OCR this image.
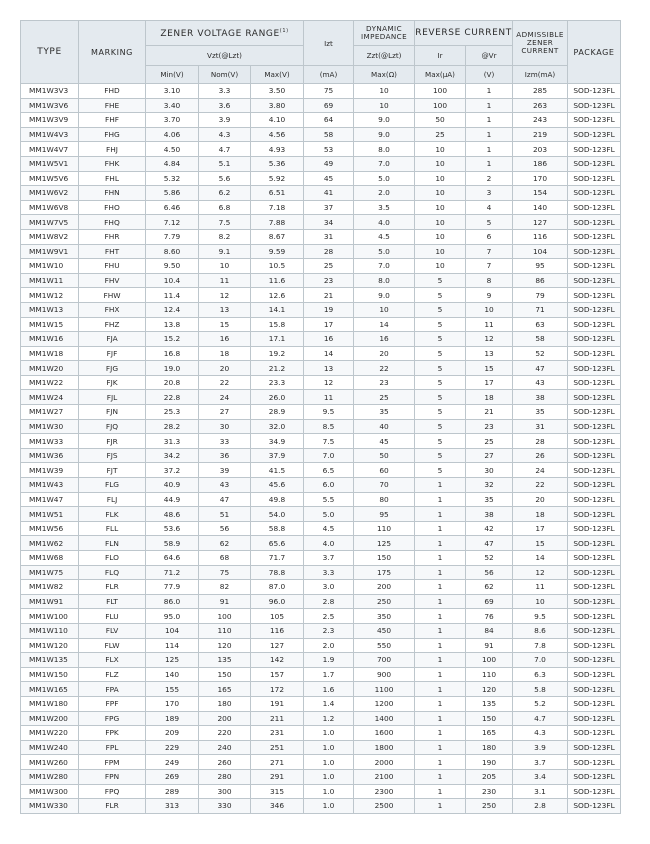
TYPE	MARKING	ZENER VOLTAGE RANGE$^{(1)}$			Izt	DYNAMIC
IMPEDANCE	REVERSE CURRENT		ADMISSIBLE
ZENER
CURRENT	PACKAGE
		Vzt(@Lzt)				Zzt(@Lzt)	Ir	@Vr		
		Min(V)	Nom(V)	Max(V)	(mA)	Max(Ω)	Max(μA)	(V)	Izm(mA)	
MM1W3V3	FHD	3.10	3.3	3.50	75	10	100	1	285	SOD-123FL
MM1W3V6	FHE	3.40	3.6	3.80	69	10	100	1	263	SOD-123FL
MM1W3V9	FHF	3.70	3.9	4.10	64	9.0	50	1	243	SOD-123FL
MM1W4V3	FHG	4.06	4.3	4.56	58	9.0	25	1	219	SOD-123FL
MM1W4V7	FHJ	4.50	4.7	4.93	53	8.0	10	1	203	SOD-123FL
MM1W5V1	FHK	4.84	5.1	5.36	49	7.0	10	1	186	SOD-123FL
MM1W5V6	FHL	5.32	5.6	5.92	45	5.0	10	2	170	SOD-123FL
MM1W6V2	FHN	5.86	6.2	6.51	41	2.0	10	3	154	SOD-123FL
MM1W6V8	FHO	6.46	6.8	7.18	37	3.5	10	4	140	SOD-123FL
MM1W7V5	FHQ	7.12	7.5	7.88	34	4.0	10	5	127	SOD-123FL
MM1W8V2	FHR	7.79	8.2	8.67	31	4.5	10	6	116	SOD-123FL
MM1W9V1	FHT	8.60	9.1	9.59	28	5.0	10	7	104	SOD-123FL
MM1W10	FHU	9.50	10	10.5	25	7.0	10	7	95	SOD-123FL
MM1W11	FHV	10.4	11	11.6	23	8.0	5	8	86	SOD-123FL
MM1W12	FHW	11.4	12	12.6	21	9.0	5	9	79	SOD-123FL
MM1W13	FHX	12.4	13	14.1	19	10	5	10	71	SOD-123FL
MM1W15	FHZ	13.8	15	15.8	17	14	5	11	63	SOD-123FL
MM1W16	FJA	15.2	16	17.1	16	16	5	12	58	SOD-123FL
MM1W18	FJF	16.8	18	19.2	14	20	5	13	52	SOD-123FL
MM1W20	FJG	19.0	20	21.2	13	22	5	15	47	SOD-123FL
MM1W22	FJK	20.8	22	23.3	12	23	5	17	43	SOD-123FL
MM1W24	FJL	22.8	24	26.0	11	25	5	18	38	SOD-123FL
MM1W27	FJN	25.3	27	28.9	9.5	35	5	21	35	SOD-123FL
MM1W30	FJQ	28.2	30	32.0	8.5	40	5	23	31	SOD-123FL
MM1W33	FJR	31.3	33	34.9	7.5	45	5	25	28	SOD-123FL
MM1W36	FJS	34.2	36	37.9	7.0	50	5	27	26	SOD-123FL
MM1W39	FJT	37.2	39	41.5	6.5	60	5	30	24	SOD-123FL
MM1W43	FLG	40.9	43	45.6	6.0	70	1	32	22	SOD-123FL
MM1W47	FLJ	44.9	47	49.8	5.5	80	1	35	20	SOD-123FL
MM1W51	FLK	48.6	51	54.0	5.0	95	1	38	18	SOD-123FL
MM1W56	FLL	53.6	56	58.8	4.5	110	1	42	17	SOD-123FL
MM1W62	FLN	58.9	62	65.6	4.0	125	1	47	15	SOD-123FL
MM1W68	FLO	64.6	68	71.7	3.7	150	1	52	14	SOD-123FL
MM1W75	FLQ	71.2	75	78.8	3.3	175	1	56	12	SOD-123FL
MM1W82	FLR	77.9	82	87.0	3.0	200	1	62	11	SOD-123FL
MM1W91	FLT	86.0	91	96.0	2.8	250	1	69	10	SOD-123FL
MM1W100	FLU	95.0	100	105	2.5	350	1	76	9.5	SOD-123FL
MM1W110	FLV	104	110	116	2.3	450	1	84	8.6	SOD-123FL
MM1W120	FLW	114	120	127	2.0	550	1	91	7.8	SOD-123FL
MM1W135	FLX	125	135	142	1.9	700	1	100	7.0	SOD-123FL
MM1W150	FLZ	140	150	157	1.7	900	1	110	6.3	SOD-123FL
MM1W165	FPA	155	165	172	1.6	1100	1	120	5.8	SOD-123FL
MM1W180	FPF	170	180	191	1.4	1200	1	135	5.2	SOD-123FL
MM1W200	FPG	189	200	211	1.2	1400	1	150	4.7	SOD-123FL
MM1W220	FPK	209	220	231	1.0	1600	1	165	4.3	SOD-123FL
MM1W240	FPL	229	240	251	1.0	1800	1	180	3.9	SOD-123FL
MM1W260	FPM	249	260	271	1.0	2000	1	190	3.7	SOD-123FL
MM1W280	FPN	269	280	291	1.0	2100	1	205	3.4	SOD-123FL
MM1W300	FPQ	289	300	315	1.0	2300	1	230	3.1	SOD-123FL
MM1W330	FLR	313	330	346	1.0	2500	1	250	2.8	SOD-123FL
